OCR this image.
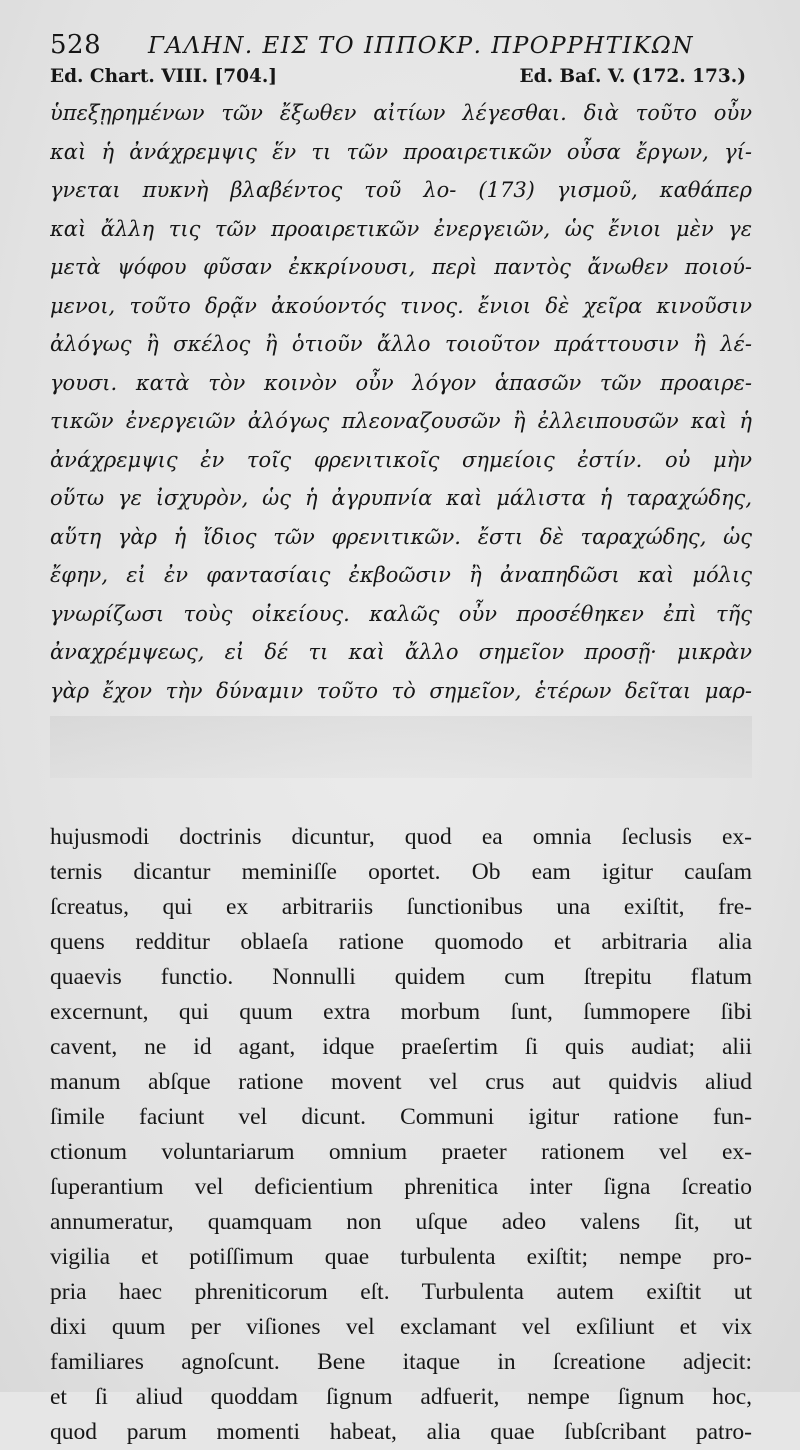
528	ΓΑΛΗΝ. ΕΙΣ ΤΟ ΙΠΠΟΚΡ. ΠΡΟΡΡΗΤΙΚΩΝ
Ed. Chart. VIII. [704.]	Ed. Baſ. V. (172. 173.)
ὑπεξῃρημένων τῶν ἔξωθεν αἰτίων λέγεσθαι. διὰ τοῦτο οὖν
καὶ ἡ ἀνάχρεμψις ἕν τι τῶν προαιρετικῶν οὖσα ἔργων, γί-
γνεται πυκνὴ βλαβέντος τοῦ λο- (173) γισμοῦ, καθάπερ
καὶ ἄλλη τις τῶν προαιρετικῶν ἐνεργειῶν, ὡς ἔνιοι μὲν γε
μετὰ ψόφου φῦσαν ἐκκρίνουσι, περὶ παντὸς ἄνωθεν ποιού-
μενοι, τοῦτο δρᾷν ἀκούοντός τινος. ἔνιοι δὲ χεῖρα κινοῦσιν
ἀλόγως ἢ σκέλος ἢ ὁτιοῦν ἄλλο τοιοῦτον πράττουσιν ἢ λέ-
γουσι. κατὰ τὸν κοινὸν οὖν λόγον ἁπασῶν τῶν προαιρε-
τικῶν ἐνεργειῶν ἀλόγως πλεοναζουσῶν ἢ ἐλλειπουσῶν καὶ ἡ
ἀνάχρεμψις ἐν τοῖς φρενιτικοῖς σημείοις ἐστίν. οὐ μὴν
οὕτω γε ἰσχυρὸν, ὡς ἡ ἀγρυπνία καὶ μάλιστα ἡ ταραχώδης,
αὕτη γὰρ ἡ ἴδιος τῶν φρενιτικῶν. ἔστι δὲ ταραχώδης, ὡς
ἔφην, εἰ ἐν φαντασίαις ἐκβοῶσιν ἢ ἀναπηδῶσι καὶ μόλις
γνωρίζωσι τοὺς οἰκείους. καλῶς οὖν προσέθηκεν ἐπὶ τῆς
ἀναχρέμψεως, εἰ δέ τι καὶ ἄλλο σημεῖον προσῇ· μικρὰν
γὰρ ἔχον τὴν δύναμιν τοῦτο τὸ σημεῖον, ἑτέρων δεῖται μαρ-
hujusmodi doctrinis dicuntur, quod ea omnia ſeclusis ex-
ternis dicantur meminiſſe oportet. Ob eam igitur cauſam
ſcreatus, qui ex arbitrariis ſunctionibus una exiſtit, fre-
quens redditur oblaeſa ratione quomodo et arbitraria alia
quaevis functio. Nonnulli quidem cum ſtrepitu flatum
excernunt, qui quum extra morbum ſunt, ſummopere ſibi
cavent, ne id agant, idque praeſertim ſi quis audiat; alii
manum abſque ratione movent vel crus aut quidvis aliud
ſimile faciunt vel dicunt. Communi igitur ratione fun-
ctionum voluntariarum omnium praeter rationem vel ex-
ſuperantium vel deficientium phrenitica inter ſigna ſcreatio
annumeratur, quamquam non uſque adeo valens ſit, ut
vigilia et potiſſimum quae turbulenta exiſtit; nempe pro-
pria haec phreniticorum eſt. Turbulenta autem exiſtit ut
dixi quum per viſiones vel exclamant vel exſiliunt et vix
familiares agnoſcunt. Bene itaque in ſcreatione adjecit:
et ſi aliud quoddam ſignum adfuerit, nempe ſignum hoc,
quod parum momenti habeat, alia quae ſubſcribant patro-
